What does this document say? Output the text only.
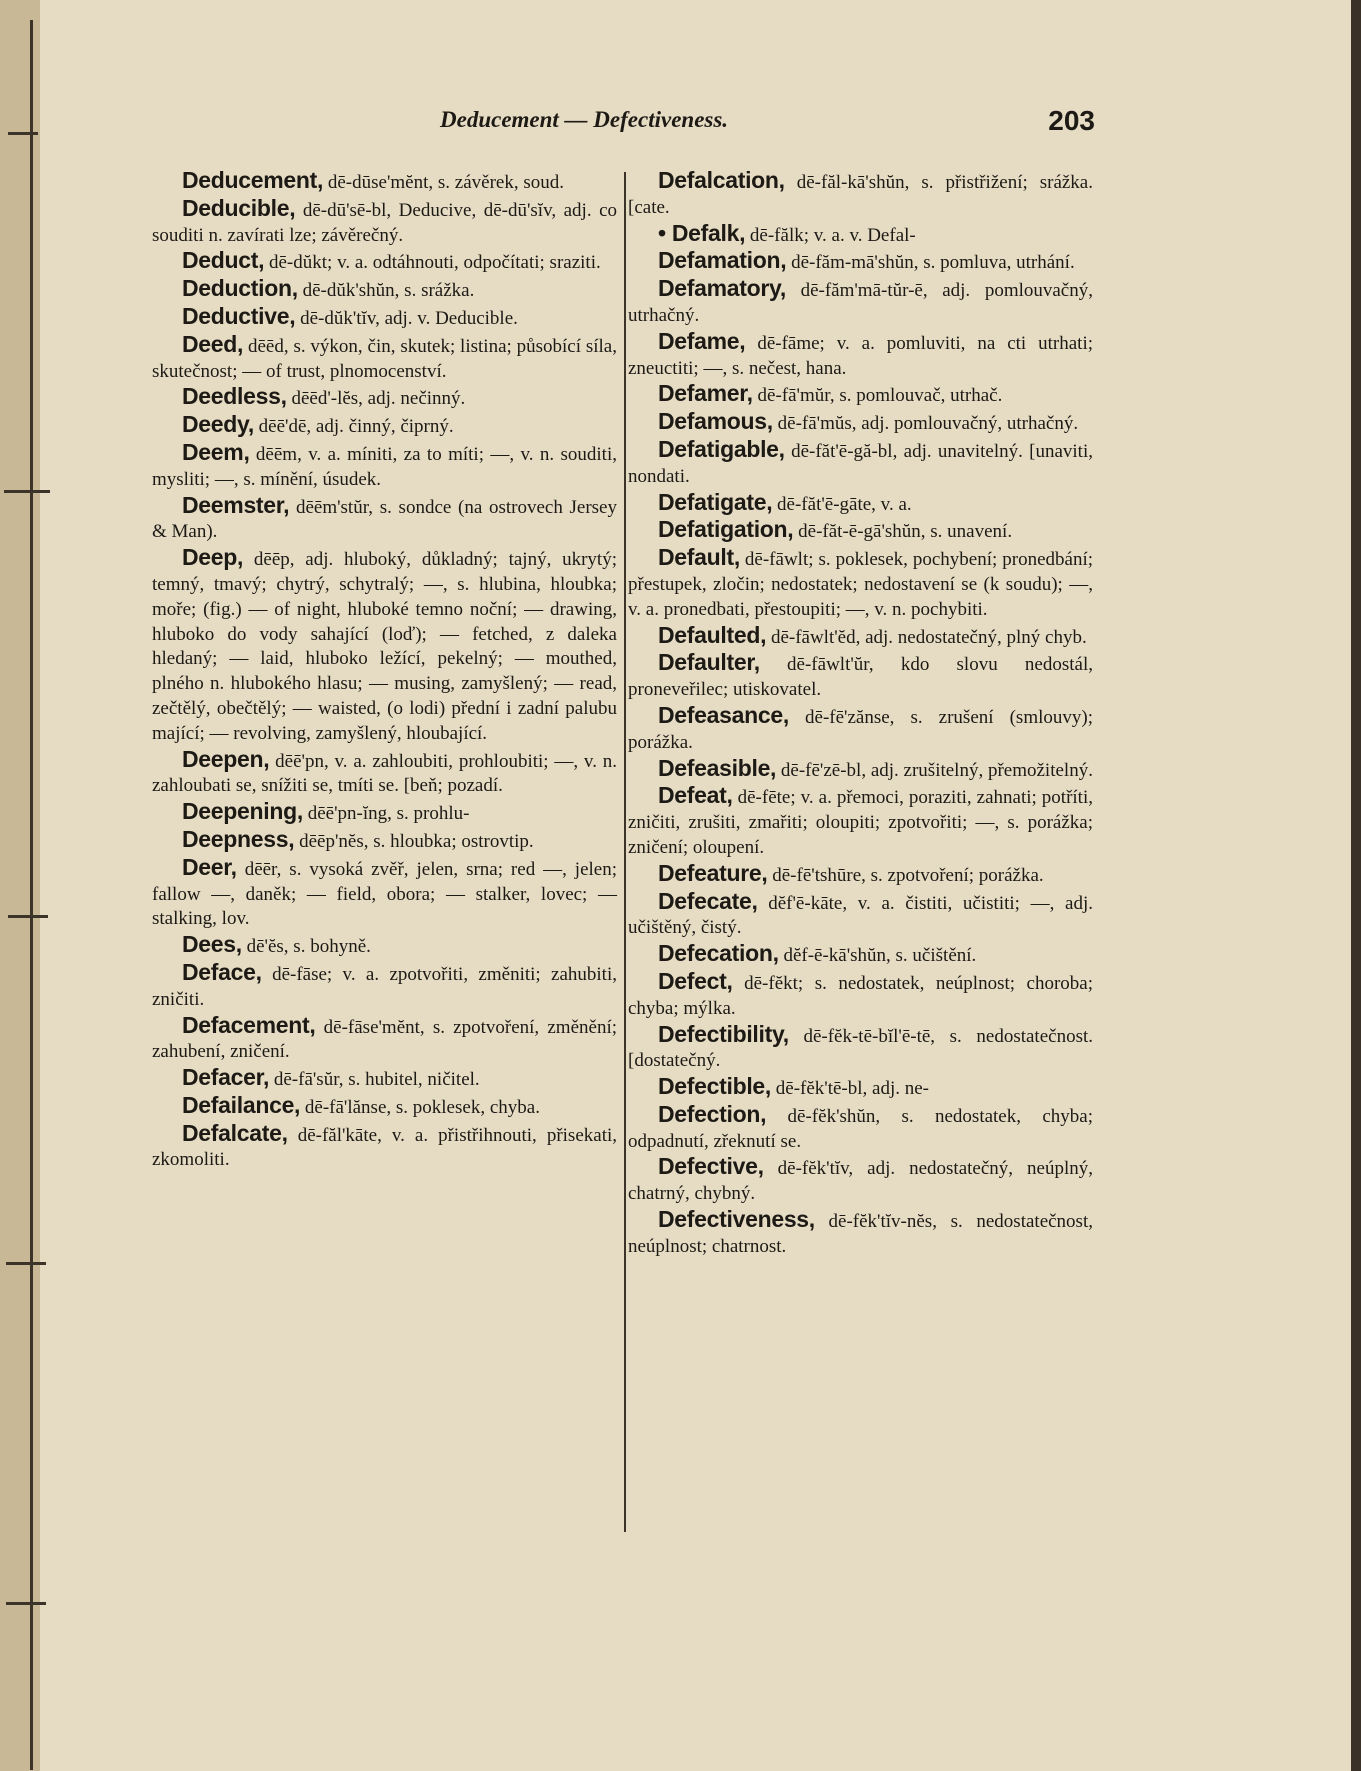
Deducement — Defectiveness.	203

Deducement, dē-dūse'mĕnt, s. závěrek, soud.

Deducible, dē-dū'sē-bl, Deducive, dē-dū'sĭv, adj. co souditi n. zavírati lze; závěrečný.

Deduct, dē-dŭkt; v. a. odtáhnouti, odpočítati; sraziti.

Deduction, dē-dŭk'shŭn, s. srážka.

Deductive, dē-dŭk'tĭv, adj. v. Deducible.

Deed, dēēd, s. výkon, čin, skutek; listina; působící síla, skutečnost; — of trust, plnomocenství.

Deedless, dēēd'-lĕs, adj. nečinný.

Deedy, dēē'dē, adj. činný, čiprný.

Deem, dēēm, v. a. míniti, za to míti; —, v. n. souditi, mysliti; —, s. mínění, úsudek.

Deemster, dēēm'stŭr, s. sondce (na ostrovech Jersey & Man).

Deep, dēēp, adj. hluboký, důkladný; tajný, ukrytý; temný, tmavý; chytrý, schytralý; —, s. hlubina, hloubka; moře; (fig.) — of night, hluboké temno noční; — drawing, hluboko do vody sahající (loď); — fetched, z daleka hledaný; — laid, hluboko ležící, pekelný; — mouthed, plného n. hlubokého hlasu; — musing, zamyšlený; — read, zečtělý, obečtělý; — waisted, (o lodi) přední i zadní palubu mající; — revolving, zamyšlený, hloubající.

Deepen, dēē'pn, v. a. zahloubiti, prohloubiti; —, v. n. zahloubati se, snížiti se, tmíti se. [beň; pozadí.

Deepening, dēē'pn-ĭng, s. prohlu-

Deepness, dēēp'nĕs, s. hloubka; ostrovtip.

Deer, dēēr, s. vysoká zvěř, jelen, srna; red —, jelen; fallow —, daněk; — field, obora; — stalker, lovec; — stalking, lov.

Dees, dē'ĕs, s. bohyně.

Deface, dē-fāse; v. a. zpotvořiti, změniti; zahubiti, zničiti.

Defacement, dē-fāse'mĕnt, s. zpotvoření, změnění; zahubení, zničení.

Defacer, dē-fā'sŭr, s. hubitel, ničitel.

Defailance, dē-fā'lănse, s. poklesek, chyba.

Defalcate, dē-făl'kāte, v. a. přistřihnouti, přisekati, zkomoliti.

Defalcation, dē-făl-kā'shŭn, s. přistřižení; srážka. [cate.

• Defalk, dē-fălk; v. a. v. Defal-

Defamation, dē-făm-mā'shŭn, s. pomluva, utrhání.

Defamatory, dē-făm'mā-tŭr-ē, adj. pomlouvačný, utrhačný.

Defame, dē-fāme; v. a. pomluviti, na cti utrhati; zneuctiti; —, s. nečest, hana.

Defamer, dē-fā'mŭr, s. pomlouvač, utrhač.

Defamous, dē-fā'mŭs, adj. pomlouvačný, utrhačný.

Defatigable, dē-făt'ē-gă-bl, adj. unavitelný. [unaviti, nondati.

Defatigate, dē-făt'ē-gāte, v. a.

Defatigation, dē-făt-ē-gā'shŭn, s. unavení.

Default, dē-fāwlt; s. poklesek, pochybení; pronedbání; přestupek, zločin; nedostatek; nedostavení se (k soudu); —, v. a. pronedbati, přestoupiti; —, v. n. pochybiti.

Defaulted, dē-fāwlt'ĕd, adj. nedostatečný, plný chyb.

Defaulter, dē-fāwlt'ŭr, kdo slovu nedostál, proneveřilec; utiskovatel.

Defeasance, dē-fē'zănse, s. zrušení (smlouvy); porážka.

Defeasible, dē-fē'zē-bl, adj. zrušitelný, přemožitelný.

Defeat, dē-fēte; v. a. přemoci, poraziti, zahnati; potříti, zničiti, zrušiti, zmařiti; oloupiti; zpotvořiti; —, s. porážka; zničení; oloupení.

Defeature, dē-fē'tshūre, s. zpotvoření; porážka.

Defecate, dĕf'ē-kāte, v. a. čistiti, učistiti; —, adj. učištěný, čistý.

Defecation, dĕf-ē-kā'shŭn, s. učištění.

Defect, dē-fĕkt; s. nedostatek, neúplnost; choroba; chyba; mýlka.

Defectibility, dē-fĕk-tē-bĭl'ē-tē, s. nedostatečnost. [dostatečný.

Defectible, dē-fĕk'tē-bl, adj. ne-

Defection, dē-fĕk'shŭn, s. nedostatek, chyba; odpadnutí, zřeknutí se.

Defective, dē-fĕk'tĭv, adj. nedostatečný, neúplný, chatrný, chybný.

Defectiveness, dē-fĕk'tĭv-nĕs, s. nedostatečnost, neúplnost; chatrnost.
